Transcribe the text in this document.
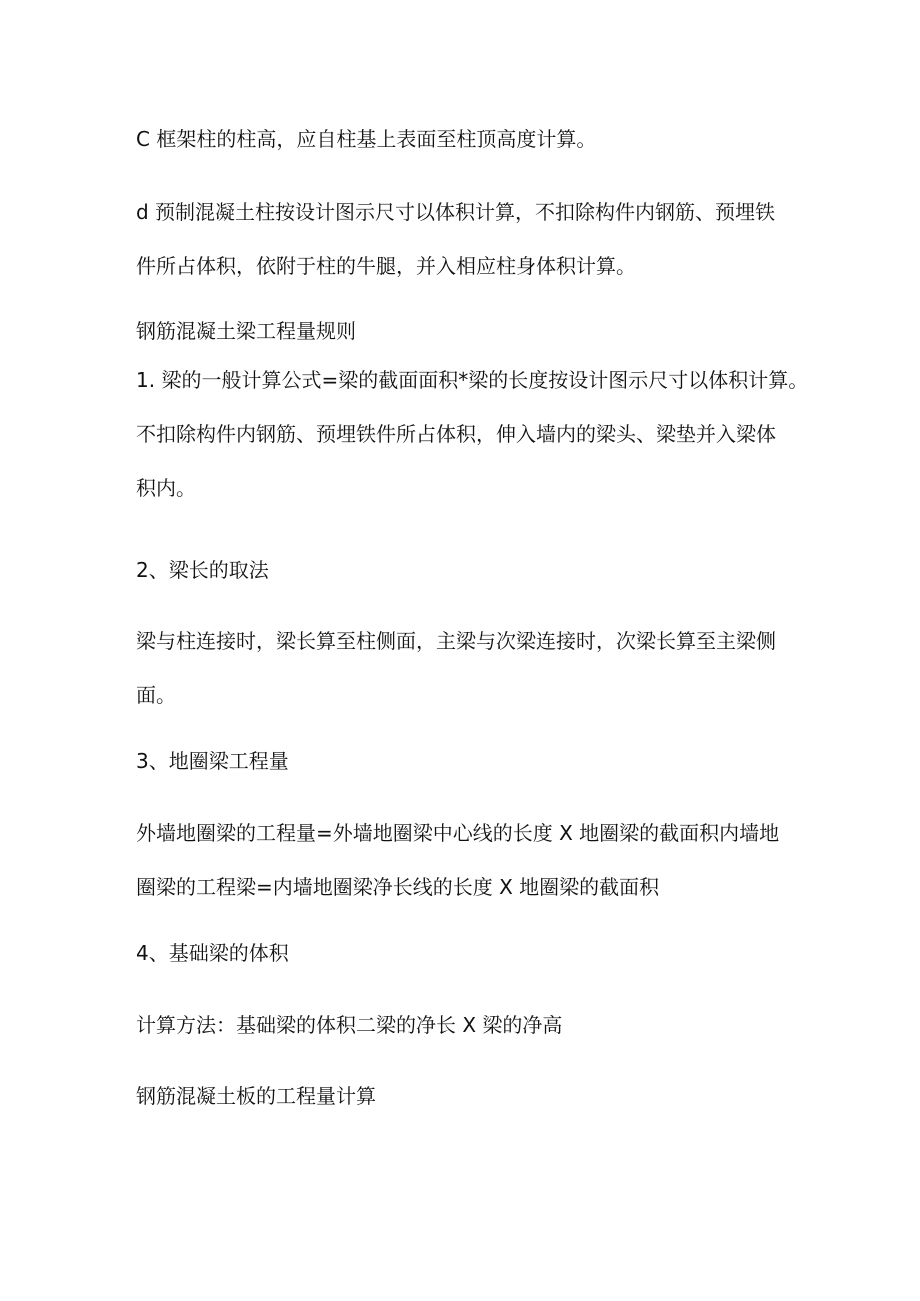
C 框架柱的柱高，应自柱基上表面至柱顶高度计算。

d 预制混凝土柱按设计图示尺寸以体积计算，不扣除构件内钢筋、预埋铁
件所占体积，依附于柱的牛腿，并入相应柱身体积计算。

钢筋混凝土梁工程量规则

1. 梁的一般计算公式=梁的截面面积*梁的长度按设计图示尺寸以体积计算。
不扣除构件内钢筋、预埋铁件所占体积，伸入墙内的梁头、梁垫并入梁体
积内。

2、梁长的取法

梁与柱连接时，梁长算至柱侧面，主梁与次梁连接时，次梁长算至主梁侧
面。

3、地圈梁工程量

外墙地圈梁的工程量=外墙地圈梁中心线的长度 X 地圈梁的截面积内墙地
圈梁的工程梁=内墙地圈梁净长线的长度 X 地圈梁的截面积

4、基础梁的体积

计算方法：基础梁的体积二梁的净长 X 梁的净高

钢筋混凝土板的工程量计算
